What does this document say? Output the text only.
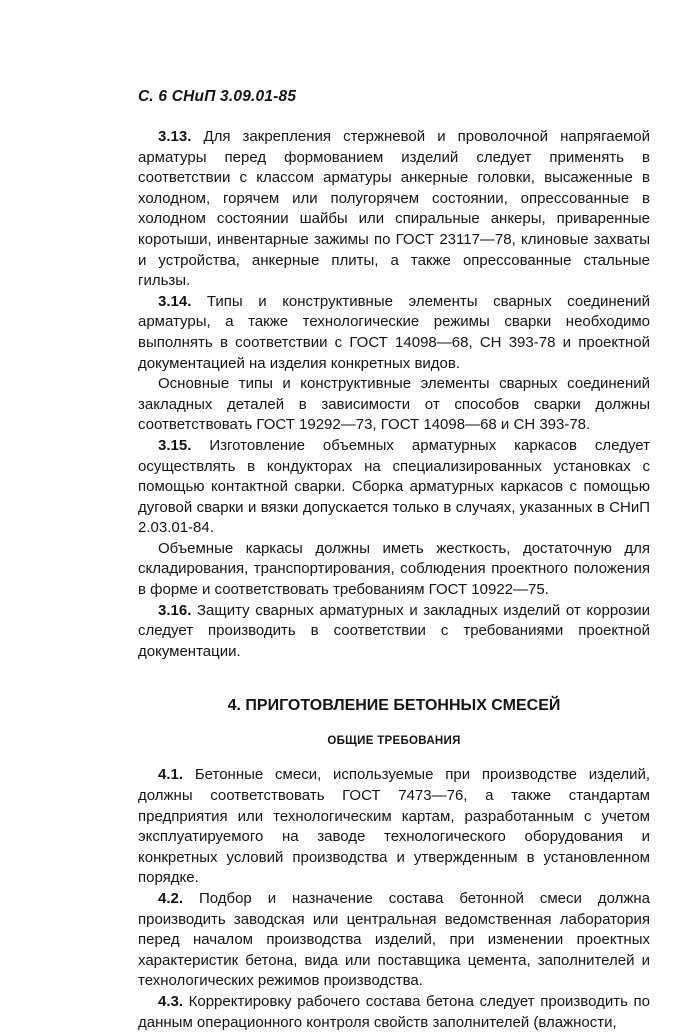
С. 6 СНиП 3.09.01-85

3.13. Для закрепления стержневой и проволочной напрягаемой арматуры перед формованием изделий следует применять в соответствии с классом арматуры анкерные головки, высаженные в холодном, горячем или полугорячем состоянии, опрессованные в холодном состоянии шайбы или спиральные анкеры, приваренные коротыши, инвентарные зажимы по ГОСТ 23117—78, клиновые захваты и устройства, анкерные плиты, а также опрессованные стальные гильзы.

3.14. Типы и конструктивные элементы сварных соединений арматуры, а также технологические режимы сварки необходимо выполнять в соответствии с ГОСТ 14098—68, СН 393-78 и проектной документацией на изделия конкретных видов.

Основные типы и конструктивные элементы сварных соединений закладных деталей в зависимости от способов сварки должны соответствовать ГОСТ 19292—73, ГОСТ 14098—68 и СН 393-78.

3.15. Изготовление объемных арматурных каркасов следует осуществлять в кондукторах на специализированных установках с помощью контактной сварки. Сборка арматурных каркасов с помощью дуговой сварки и вязки допускается только в случаях, указанных в СНиП 2.03.01-84.

Объемные каркасы должны иметь жесткость, достаточную для складирования, транспортирования, соблюдения проектного положения в форме и соответствовать требованиям ГОСТ 10922—75.

3.16. Защиту сварных арматурных и закладных изделий от коррозии следует производить в соответствии с требованиями проектной документации.

4. ПРИГОТОВЛЕНИЕ БЕТОННЫХ СМЕСЕЙ
ОБЩИЕ ТРЕБОВАНИЯ

4.1. Бетонные смеси, используемые при производстве изделий, должны соответствовать ГОСТ 7473—76, а также стандартам предприятия или технологическим картам, разработанным с учетом эксплуатируемого на заводе технологического оборудования и конкретных условий производства и утвержденным в установленном порядке.

4.2. Подбор и назначение состава бетонной смеси должна производить заводская или центральная ведомственная лаборатория перед началом производства изделий, при изменении проектных характеристик бетона, вида или поставщика цемента, заполнителей и технологических режимов производства.

4.3. Корректировку рабочего состава бетона следует производить по данным операционного контроля свойств заполнителей (влажности,
